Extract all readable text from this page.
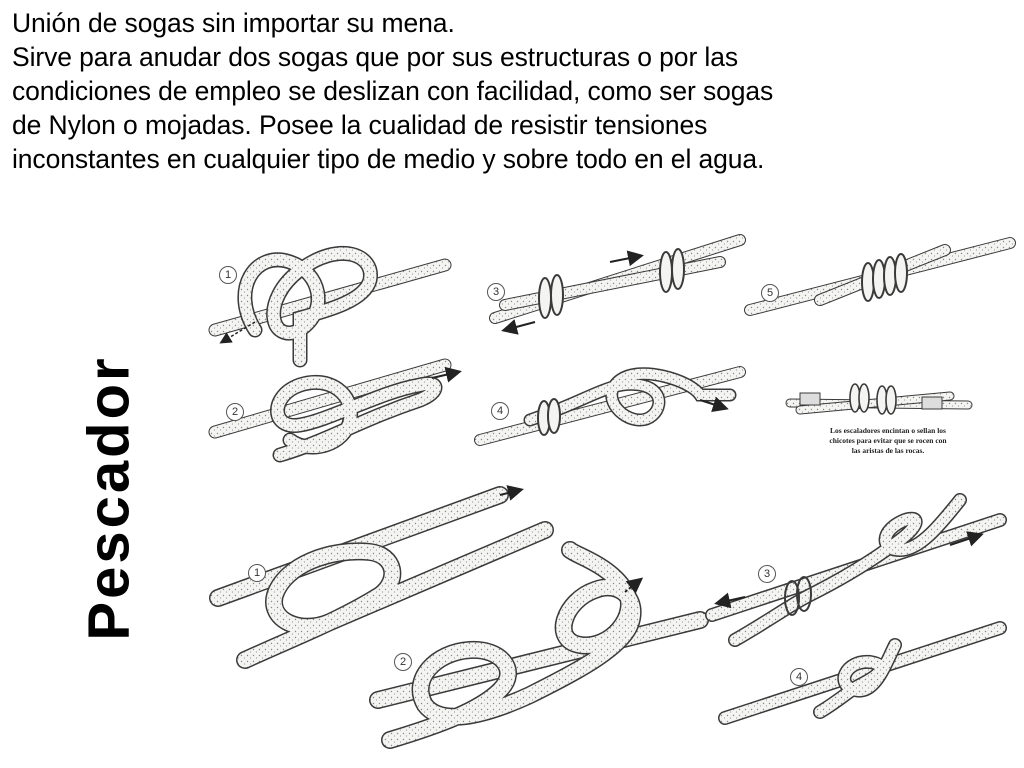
Unión de sogas sin importar su mena.

Sirve para anudar dos sogas que por sus estructuras o por las

condiciones de empleo se deslizan con facilidad, como ser sogas

de Nylon o mojadas. Posee la cualidad de resistir tensiones

inconstantes en cualquier tipo de medio y sobre todo en el agua.

Pescador
1
2
3
4
5
1
2
3
4
Los escaladores encintan o sellan los
chicotes para evitar que se rocen con
las aristas de las rocas.
